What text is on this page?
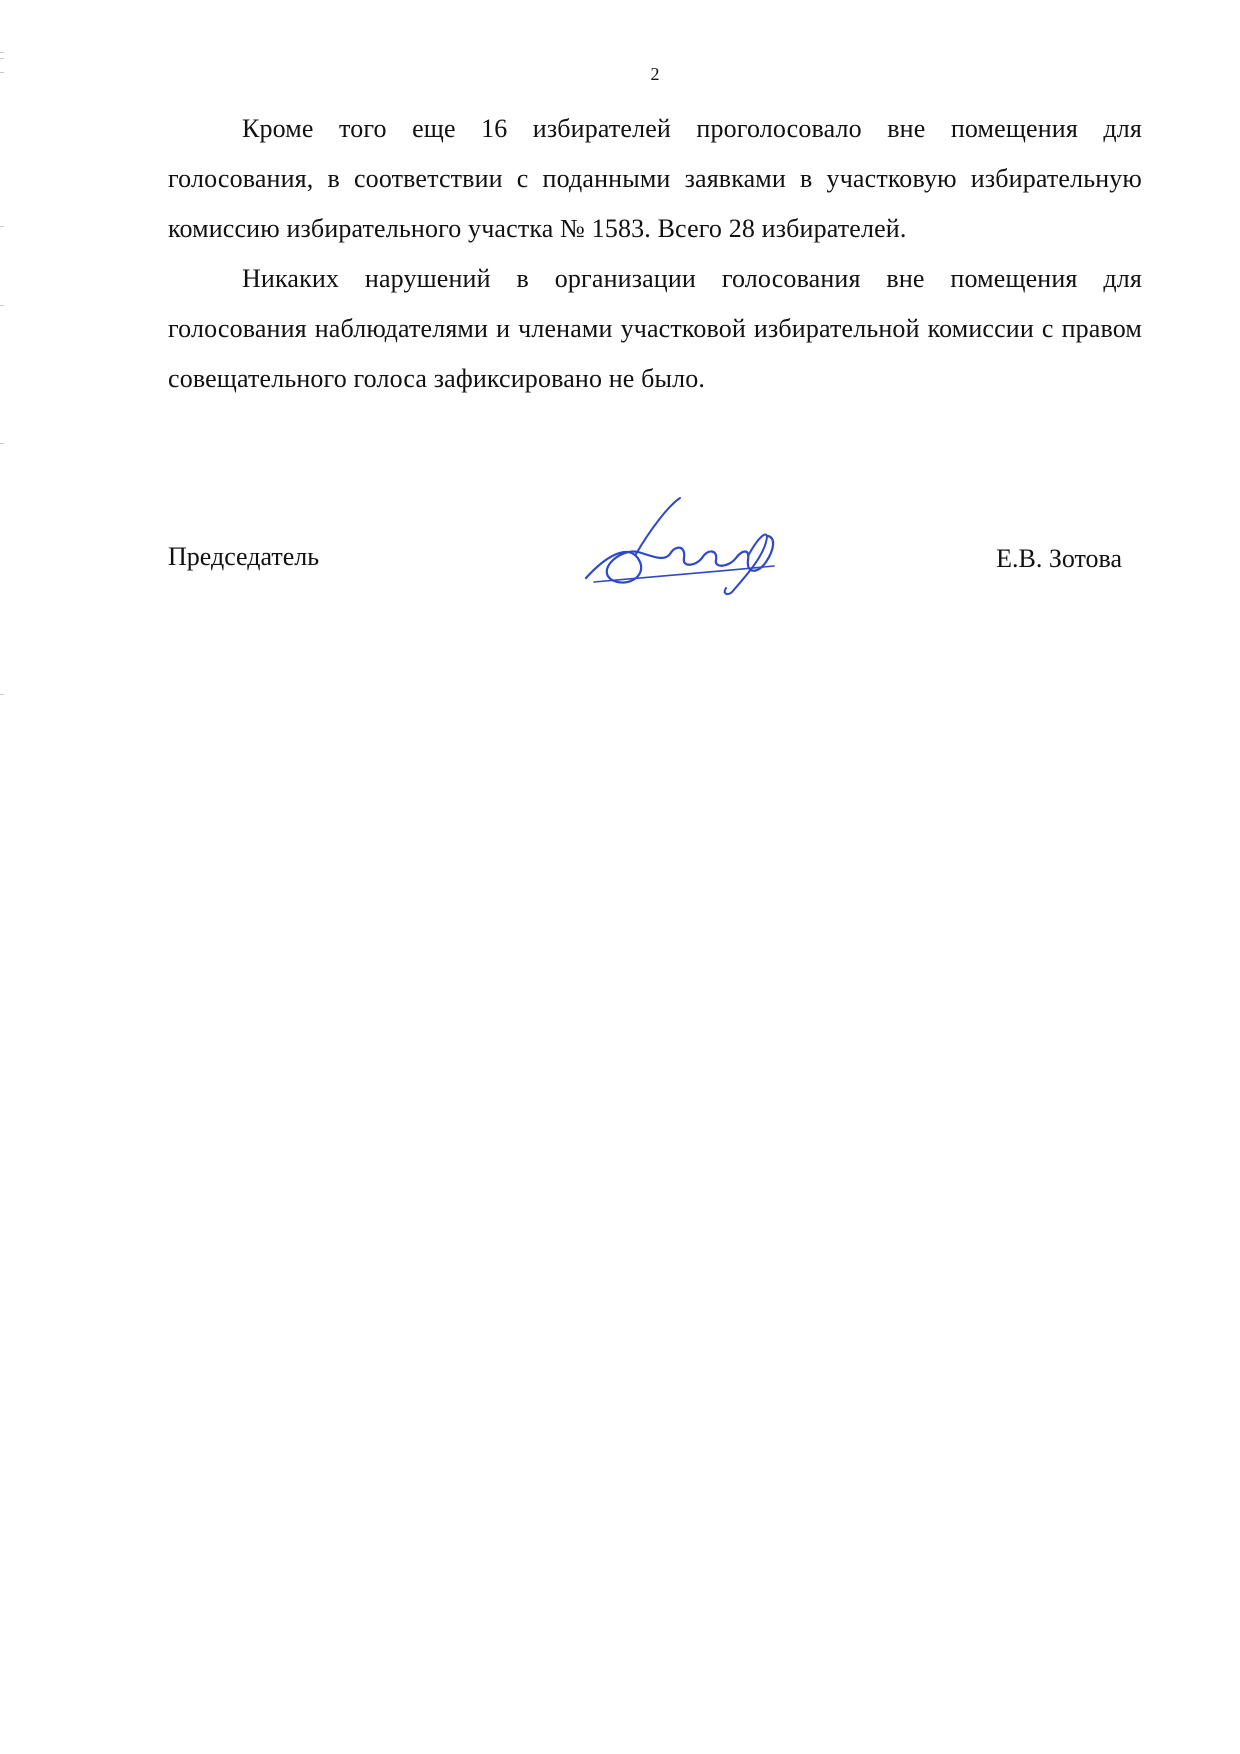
2

Кроме того еще 16 избирателей проголосовало вне помещения для голосования, в соответствии с поданными заявками в участковую избирательную комиссию избирательного участка № 1583. Всего 28 избирателей.

Никаких нарушений в организации голосования вне помещения для голосования наблюдателями и членами участковой избирательной комиссии с правом совещательного голоса зафиксировано не было.

Председатель	Е.В. Зотова
